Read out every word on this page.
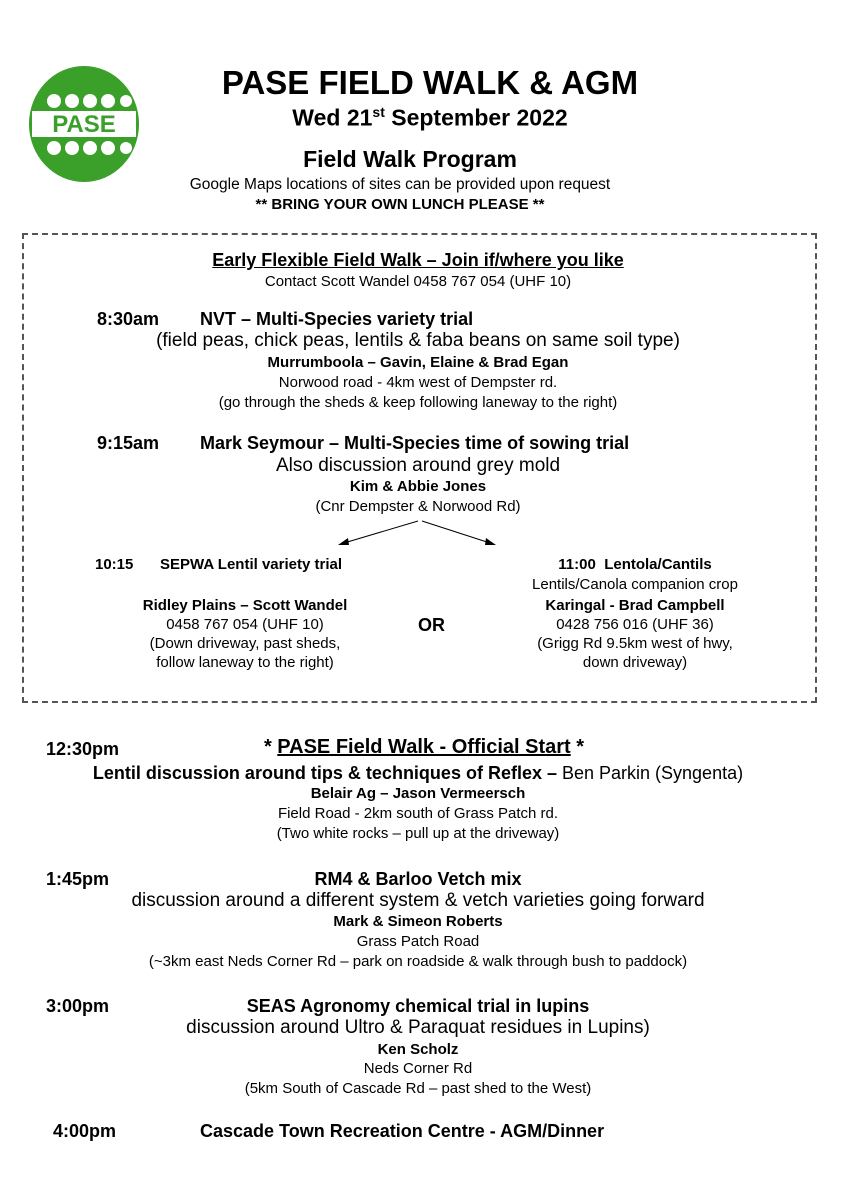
PASE
PASE FIELD WALK & AGM
Wed 21st September 2022
Field Walk Program
Google Maps locations of sites can be provided upon request
** BRING YOUR OWN LUNCH PLEASE **
Early Flexible Field Walk – Join if/where you like
Contact Scott Wandel 0458 767 054 (UHF 10)
8:30am NVT – Multi-Species variety trial
(field peas, chick peas, lentils & faba beans on same soil type)
Murrumboola – Gavin, Elaine & Brad Egan
Norwood road - 4km west of Dempster rd.
(go through the sheds & keep following laneway to the right)
9:15am Mark Seymour – Multi-Species time of sowing trial
Also discussion around grey mold
Kim & Abbie Jones
(Cnr Dempster & Norwood Rd)
10:15 SEPWA Lentil variety trial
Ridley Plains – Scott Wandel
0458 767 054 (UHF 10)
(Down driveway, past sheds,
follow laneway to the right)
OR
11:00 Lentola/Cantils
Lentils/Canola companion crop
Karingal - Brad Campbell
0428 756 016 (UHF 36)
(Grigg Rd 9.5km west of hwy,
down driveway)
12:30pm	* PASE Field Walk - Official Start *
Lentil discussion around tips & techniques of Reflex – Ben Parkin (Syngenta)
Belair Ag – Jason Vermeersch
Field Road - 2km south of Grass Patch rd.
(Two white rocks – pull up at the driveway)
1:45pm	RM4 & Barloo Vetch mix
discussion around a different system & vetch varieties going forward
Mark & Simeon Roberts
Grass Patch Road
(~3km east Neds Corner Rd – park on roadside & walk through bush to paddock)
3:00pm	SEAS Agronomy chemical trial in lupins
discussion around Ultro & Paraquat residues in Lupins)
Ken Scholz
Neds Corner Rd
(5km South of Cascade Rd – past shed to the West)
4:00pm	Cascade Town Recreation Centre - AGM/Dinner
